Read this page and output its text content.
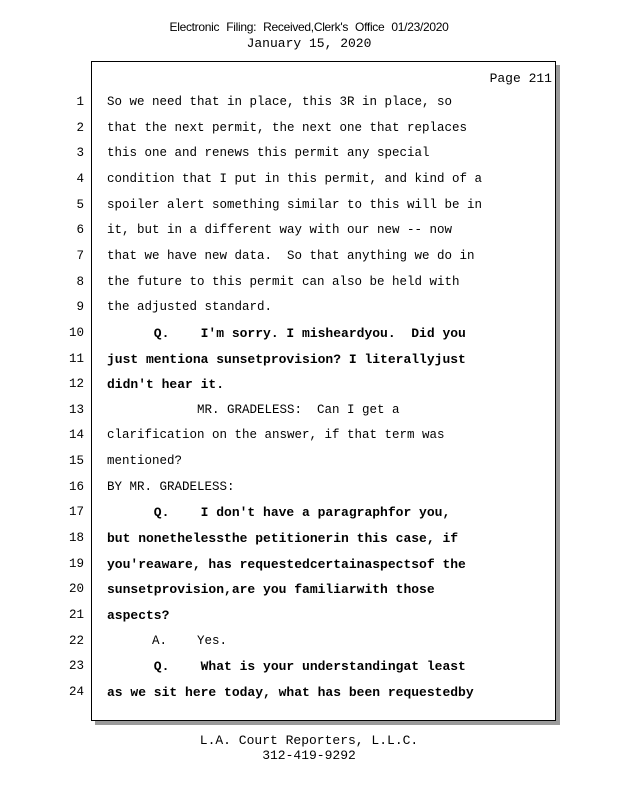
Electronic Filing: Received,Clerk's Office 01/23/2020
January 15, 2020
Page 211
1 So we need that in place, this 3R in place, so
2 that the next permit, the next one that replaces
3 this one and renews this permit any special
4 condition that I put in this permit, and kind of a
5 spoiler alert something similar to this will be in
6 it, but in a different way with our new -- now
7 that we have new data.  So that anything we do in
8 the future to this permit can also be held with
9 the adjusted standard.
10 Q.    I'm sorry. I misheardyou.  Did you
11 just mentiona sunsetprovision? I literallyjust
12 didn't hear it.
13 MR. GRADELESS:  Can I get a
14 clarification on the answer, if that term was
15 mentioned?
16 BY MR. GRADELESS:
17 Q.    I don't have a paragraphfor you,
18 but nonethelessthe petitionerin this case, if
19 you'reaware, has requestedcertainaspectsof the
20 sunsetprovision,are you familiarwith those
21 aspects?
22 A.    Yes.
23 Q.    What is your understandingat least
24 as we sit here today, what has been requestedby
L.A. Court Reporters, L.L.C.
312-419-9292
